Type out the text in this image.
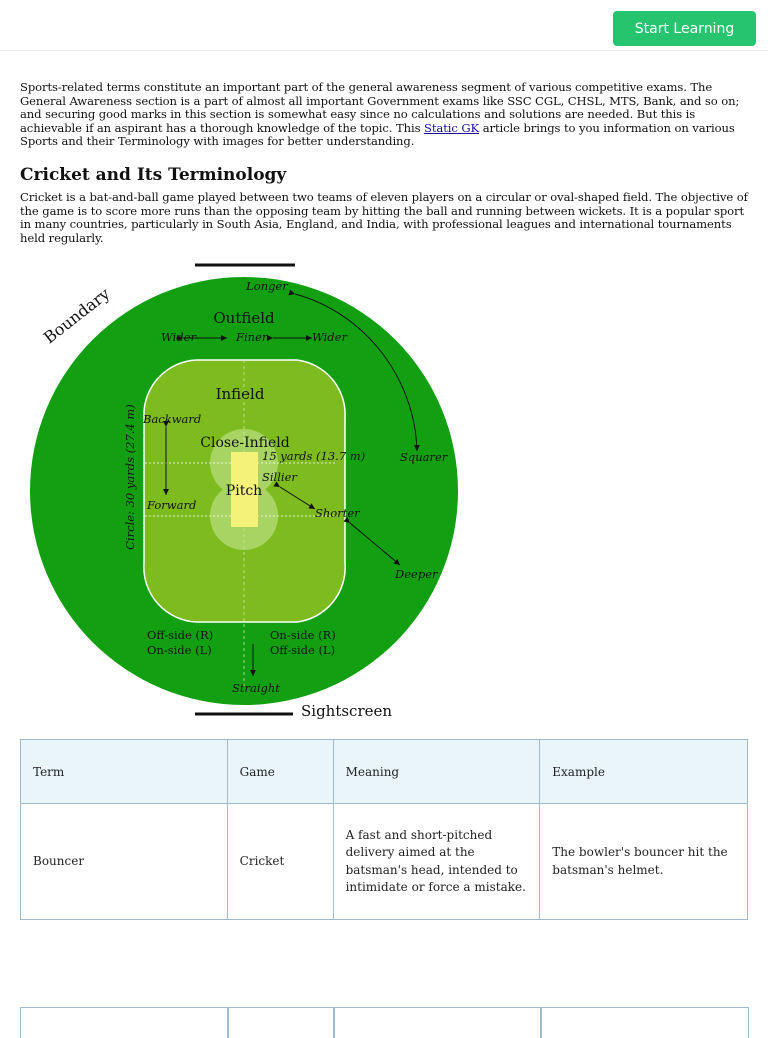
Start Learning

Sports-related terms constitute an important part of the general awareness segment of various competitive exams. The General Awareness section is a part of almost all important Government exams like SSC CGL, CHSL, MTS, Bank, and so on; and securing good marks in this section is somewhat easy since no calculations and solutions are needed. But this is achievable if an aspirant has a thorough knowledge of the topic. This Static GK article brings to you information on various Sports and their Terminology with images for better understanding.

Cricket and Its Terminology

Cricket is a bat-and-ball game played between two teams of eleven players on a circular or oval-shaped field. The objective of the game is to score more runs than the opposing team by hitting the ball and running between wickets. It is a popular sport in many countries, particularly in South Asia, England, and India, with professional leagues and international tournaments held regularly.

Boundary	Outfield
Infield
Close-Infield
Pitch
Longer
Wider	Finer	Wider
Backward
Forward
15 yards (13.7 m)
Sillier
Shorter
Squarer
Deeper
Circle: 30 yards (27.4 m)
Off-side (R)
On-side (L)
On-side (R)
Off-side (L)
Straight
Sightscreen
Term	Game	Meaning	Example
Bouncer	Cricket	A fast and short-pitched delivery aimed at the batsman's head, intended to intimidate or force a mistake.	The bowler's bouncer hit the batsman's helmet.
